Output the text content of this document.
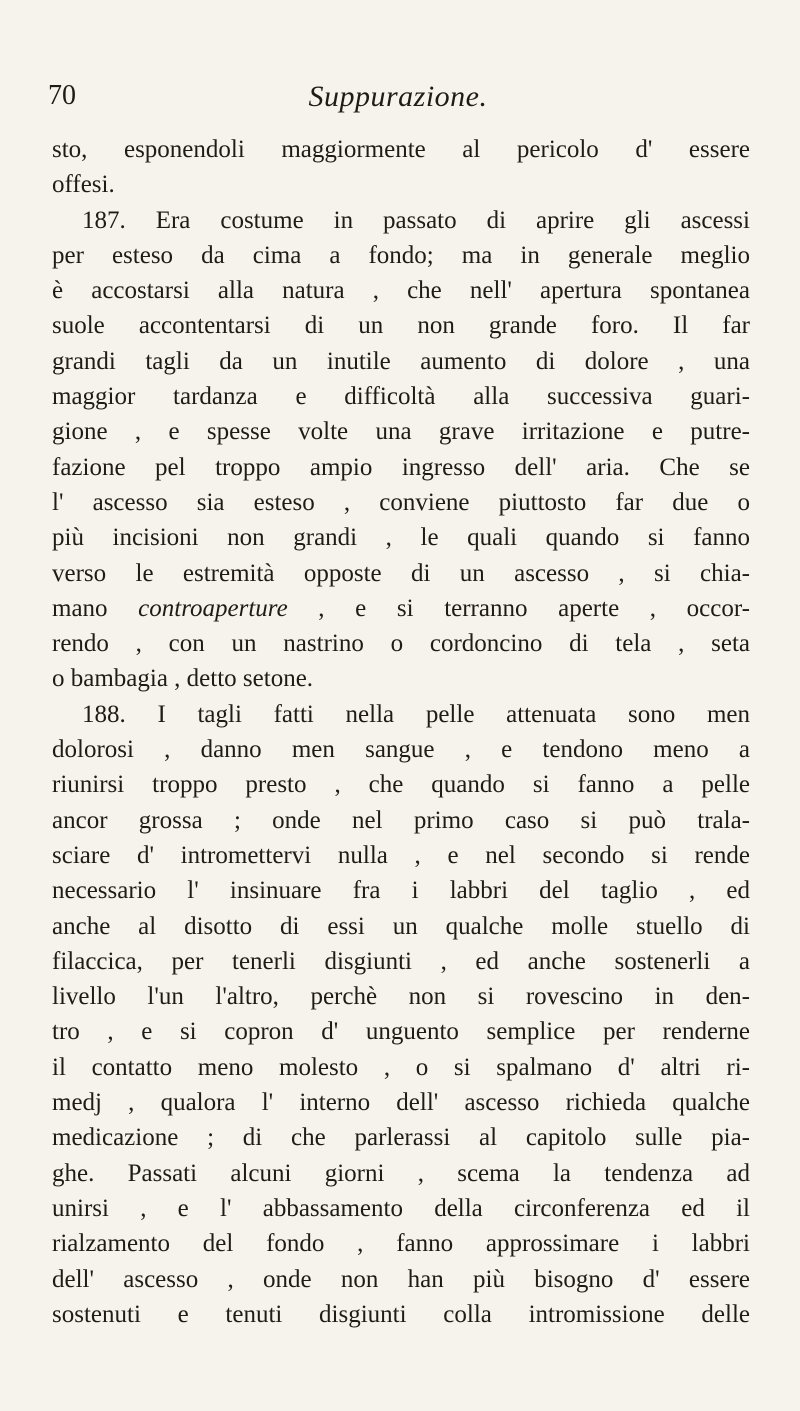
70	Suppurazione.
sto, esponendoli maggiormente al pericolo d' essere
offesi.
187. Era costume in passato di aprire gli ascessi
per esteso da cima a fondo; ma in generale meglio
è accostarsi alla natura , che nell' apertura spontanea
suole accontentarsi di un non grande foro. Il far
grandi tagli da un inutile aumento di dolore , una
maggior tardanza e difficoltà alla successiva guari-
gione , e spesse volte una grave irritazione e putre-
fazione pel troppo ampio ingresso dell' aria. Che se
l' ascesso sia esteso , conviene piuttosto far due o
più incisioni non grandi , le quali quando si fanno
verso le estremità opposte di un ascesso , si chia-
mano controaperture , e si terranno aperte , occor-
rendo , con un nastrino o cordoncino di tela , seta
o bambagia , detto setone.
188. I tagli fatti nella pelle attenuata sono men
dolorosi , danno men sangue , e tendono meno a
riunirsi troppo presto , che quando si fanno a pelle
ancor grossa ; onde nel primo caso si può trala-
sciare d' intromettervi nulla , e nel secondo si rende
necessario l' insinuare fra i labbri del taglio , ed
anche al disotto di essi un qualche molle stuello di
filaccica, per tenerli disgiunti , ed anche sostenerli a
livello l'un l'altro, perchè non si rovescino in den-
tro , e si copron d' unguento semplice per renderne
il contatto meno molesto , o si spalmano d' altri ri-
medj , qualora l' interno dell' ascesso richieda qualche
medicazione ; di che parlerassi al capitolo sulle pia-
ghe. Passati alcuni giorni , scema la tendenza ad
unirsi , e l' abbassamento della circonferenza ed il
rialzamento del fondo , fanno approssimare i labbri
dell' ascesso , onde non han più bisogno d' essere
sostenuti e tenuti disgiunti colla intromissione delle
